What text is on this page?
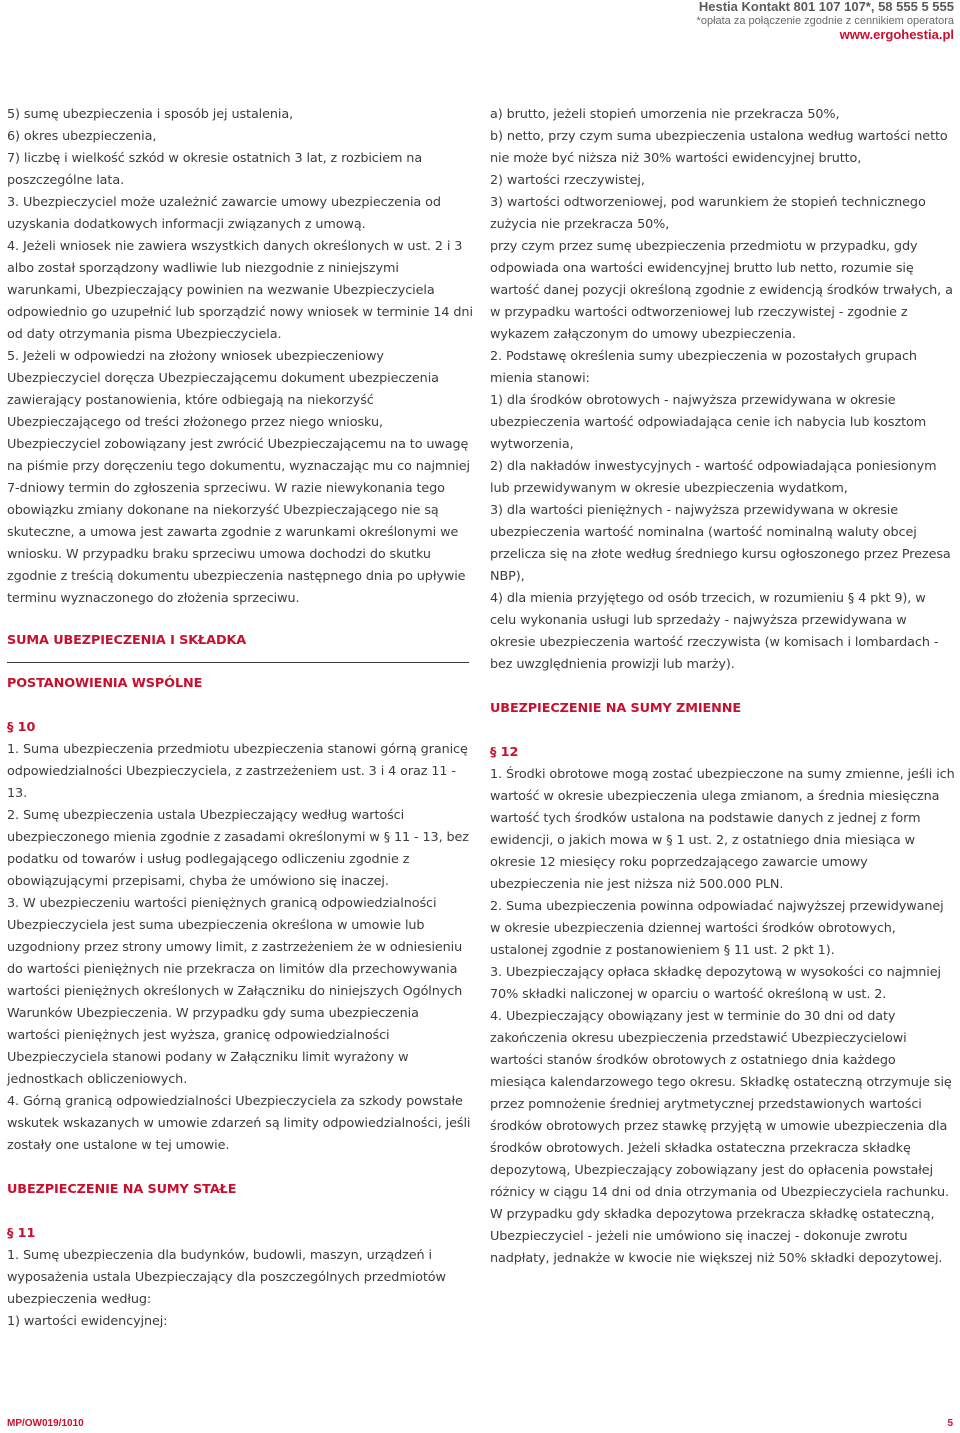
Hestia Kontakt 801 107 107*, 58 555 5 555
*opłata za połączenie zgodnie z cennikiem operatora
www.ergohestia.pl

5) sumę ubezpieczenia i sposób jej ustalenia,

6) okres ubezpieczenia,

7) liczbę i wielkość szkód w okresie ostatnich 3 lat, z rozbiciem na poszczególne lata.

3. Ubezpieczyciel może uzależnić zawarcie umowy ubezpieczenia od uzyskania dodatkowych informacji związanych z umową.

4. Jeżeli wniosek nie zawiera wszystkich danych określonych w ust. 2 i 3 albo został sporządzony wadliwie lub niezgodnie z niniejszymi warunkami, Ubezpieczający powinien na wezwanie Ubezpieczyciela odpowiednio go uzupełnić lub sporządzić nowy wniosek w terminie 14 dni od daty otrzymania pisma Ubezpieczyciela.

5. Jeżeli w odpowiedzi na złożony wniosek ubezpieczeniowy Ubezpieczyciel doręcza Ubezpieczającemu dokument ubezpieczenia zawierający postanowienia, które odbiegają na niekorzyść Ubezpieczającego od treści złożonego przez niego wniosku, Ubezpieczyciel zobowiązany jest zwrócić Ubezpieczającemu na to uwagę na piśmie przy doręczeniu tego dokumentu, wyznaczając mu co najmniej 7-dniowy termin do zgłoszenia sprzeciwu. W razie niewykonania tego obowiązku zmiany dokonane na niekorzyść Ubezpieczającego nie są skuteczne, a umowa jest zawarta zgodnie z warunkami określonymi we wniosku. W przypadku braku sprzeciwu umowa dochodzi do skutku zgodnie z treścią dokumentu ubezpieczenia następnego dnia po upływie terminu wyznaczonego do złożenia sprzeciwu.

SUMA UBEZPIECZENIA I SKŁADKA

POSTANOWIENIA WSPÓLNE

§ 10

1. Suma ubezpieczenia przedmiotu ubezpieczenia stanowi górną granicę odpowiedzialności Ubezpieczyciela, z zastrzeżeniem ust. 3 i 4 oraz 11 - 13.

2. Sumę ubezpieczenia ustala Ubezpieczający według wartości ubezpieczonego mienia zgodnie z zasadami określonymi w § 11 - 13, bez podatku od towarów i usług podlegającego odliczeniu zgodnie z obowiązującymi przepisami, chyba że umówiono się inaczej.

3. W ubezpieczeniu wartości pieniężnych granicą odpowiedzialności Ubezpieczyciela jest suma ubezpieczenia określona w umowie lub uzgodniony przez strony umowy limit, z zastrzeżeniem że w odniesieniu do wartości pieniężnych nie przekracza on limitów dla przechowywania wartości pieniężnych określonych w Załączniku do niniejszych Ogólnych Warunków Ubezpieczenia. W przypadku gdy suma ubezpieczenia wartości pieniężnych jest wyższa, granicę odpowiedzialności Ubezpieczyciela stanowi podany w Załączniku limit wyrażony w jednostkach obliczeniowych.

4. Górną granicą odpowiedzialności Ubezpieczyciela za szkody powstałe wskutek wskazanych w umowie zdarzeń są limity odpowiedzialności, jeśli zostały one ustalone w tej umowie.

UBEZPIECZENIE NA SUMY STAŁE

§ 11

1. Sumę ubezpieczenia dla budynków, budowli, maszyn, urządzeń i wyposażenia ustala Ubezpieczający dla poszczególnych przedmiotów ubezpieczenia według:

1) wartości ewidencyjnej:

a) brutto, jeżeli stopień umorzenia nie przekracza 50%,

b) netto, przy czym suma ubezpieczenia ustalona według wartości netto nie może być niższa niż 30% wartości ewidencyjnej brutto,

2) wartości rzeczywistej,

3) wartości odtworzeniowej, pod warunkiem że stopień technicznego zużycia nie przekracza 50%,

przy czym przez sumę ubezpieczenia przedmiotu w przypadku, gdy odpowiada ona wartości ewidencyjnej brutto lub netto, rozumie się wartość danej pozycji określoną zgodnie z ewidencją środków trwałych, a w przypadku wartości odtworzeniowej lub rzeczywistej - zgodnie z wykazem załączonym do umowy ubezpieczenia.

2. Podstawę określenia sumy ubezpieczenia w pozostałych grupach mienia stanowi:

1) dla środków obrotowych - najwyższa przewidywana w okresie ubezpieczenia wartość odpowiadająca cenie ich nabycia lub kosztom wytworzenia,

2) dla nakładów inwestycyjnych - wartość odpowiadająca poniesionym lub przewidywanym w okresie ubezpieczenia wydatkom,

3) dla wartości pieniężnych - najwyższa przewidywana w okresie ubezpieczenia wartość nominalna (wartość nominalną waluty obcej przelicza się na złote według średniego kursu ogłoszonego przez Prezesa NBP),

4) dla mienia przyjętego od osób trzecich, w rozumieniu § 4 pkt 9), w celu wykonania usługi lub sprzedaży - najwyższa przewidywana w okresie ubezpieczenia wartość rzeczywista (w komisach i lombardach - bez uwzględnienia prowizji lub marży).

UBEZPIECZENIE NA SUMY ZMIENNE

§ 12

1. Środki obrotowe mogą zostać ubezpieczone na sumy zmienne, jeśli ich wartość w okresie ubezpieczenia ulega zmianom, a średnia miesięczna wartość tych środków ustalona na podstawie danych z jednej z form ewidencji, o jakich mowa w § 1 ust. 2, z ostatniego dnia miesiąca w okresie 12 miesięcy roku poprzedzającego zawarcie umowy ubezpieczenia nie jest niższa niż 500.000 PLN.

2. Suma ubezpieczenia powinna odpowiadać najwyższej przewidywanej w okresie ubezpieczenia dziennej wartości środków obrotowych, ustalonej zgodnie z postanowieniem § 11 ust. 2 pkt 1).

3. Ubezpieczający opłaca składkę depozytową w wysokości co najmniej 70% składki naliczonej w oparciu o wartość określoną w ust. 2.

4. Ubezpieczający obowiązany jest w terminie do 30 dni od daty zakończenia okresu ubezpieczenia przedstawić Ubezpieczycielowi wartości stanów środków obrotowych z ostatniego dnia każdego miesiąca kalendarzowego tego okresu. Składkę ostateczną otrzymuje się przez pomnożenie średniej arytmetycznej przedstawionych wartości środków obrotowych przez stawkę przyjętą w umowie ubezpieczenia dla środków obrotowych. Jeżeli składka ostateczna przekracza składkę depozytową, Ubezpieczający zobowiązany jest do opłacenia powstałej różnicy w ciągu 14 dni od dnia otrzymania od Ubezpieczyciela rachunku. W przypadku gdy składka depozytowa przekracza składkę ostateczną, Ubezpieczyciel - jeżeli nie umówiono się inaczej - dokonuje zwrotu nadpłaty, jednakże w kwocie nie większej niż 50% składki depozytowej.

MP/OW019/1010	5
